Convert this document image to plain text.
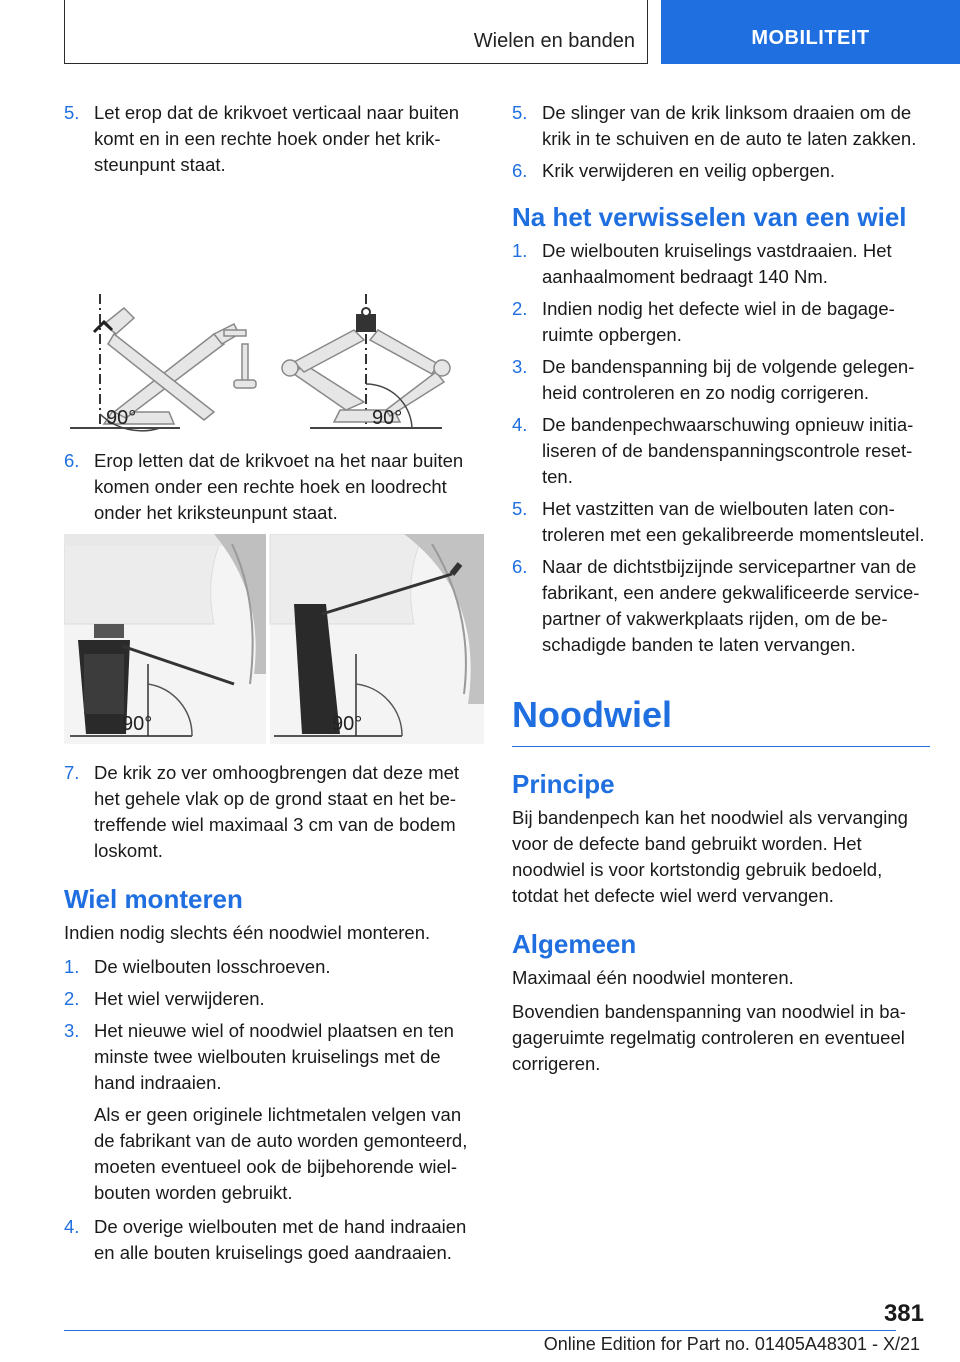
Wielen en banden	MOBILITEIT
5. Let erop dat de krikvoet verticaal naar buiten komt en in een rechte hoek onder het kriksteunpunt staat.
90°	90°
6. Erop letten dat de krikvoet na het naar buiten komen onder een rechte hoek en loodrecht onder het kriksteunpunt staat.
90°	90°
7. De krik zo ver omhoogbrengen dat deze met het gehele vlak op de grond staat en het betreffende wiel maximaal 3 cm van de bodem loskomt.
Wiel monteren

Indien nodig slechts één noodwiel monteren.

1. De wielbouten losschroeven.
2. Het wiel verwijderen.
3. Het nieuwe wiel of noodwiel plaatsen en ten minste twee wielbouten kruiselings met de hand indraaien.

Als er geen originele lichtmetalen velgen van de fabrikant van de auto worden gemonteerd, moeten eventueel ook de bijbehorende wielbouten worden gebruikt.

4. De overige wielbouten met de hand indraaien en alle bouten kruiselings goed aandraaien.
5. De slinger van de krik linksom draaien om de krik in te schuiven en de auto te laten zakken.
6. Krik verwijderen en veilig opbergen.
Na het verwisselen van een wiel
1. De wielbouten kruiselings vastdraaien. Het aanhaalmoment bedraagt 140 Nm.
2. Indien nodig het defecte wiel in de bagageruimte opbergen.
3. De bandenspanning bij de volgende gelegenheid controleren en zo nodig corrigeren.
4. De bandenpechwaarschuwing opnieuw initialiseren of de bandenspanningscontrole resetten.
5. Het vastzitten van de wielbouten laten controleren met een gekalibreerde momentsleutel.
6. Naar de dichtstbijzijnde servicepartner van de fabrikant, een andere gekwalificeerde servicepartner of vakwerkplaats rijden, om de beschadigde banden te laten vervangen.
Noodwiel
Principe

Bij bandenpech kan het noodwiel als vervanging voor de defecte band gebruikt worden. Het noodwiel is voor kortstondig gebruik bedoeld, totdat het defecte wiel werd vervangen.

Algemeen

Maximaal één noodwiel monteren.

Bovendien bandenspanning van noodwiel in bagageruimte regelmatig controleren en eventueel corrigeren.

381
Online Edition for Part no. 01405A48301 - X/21
